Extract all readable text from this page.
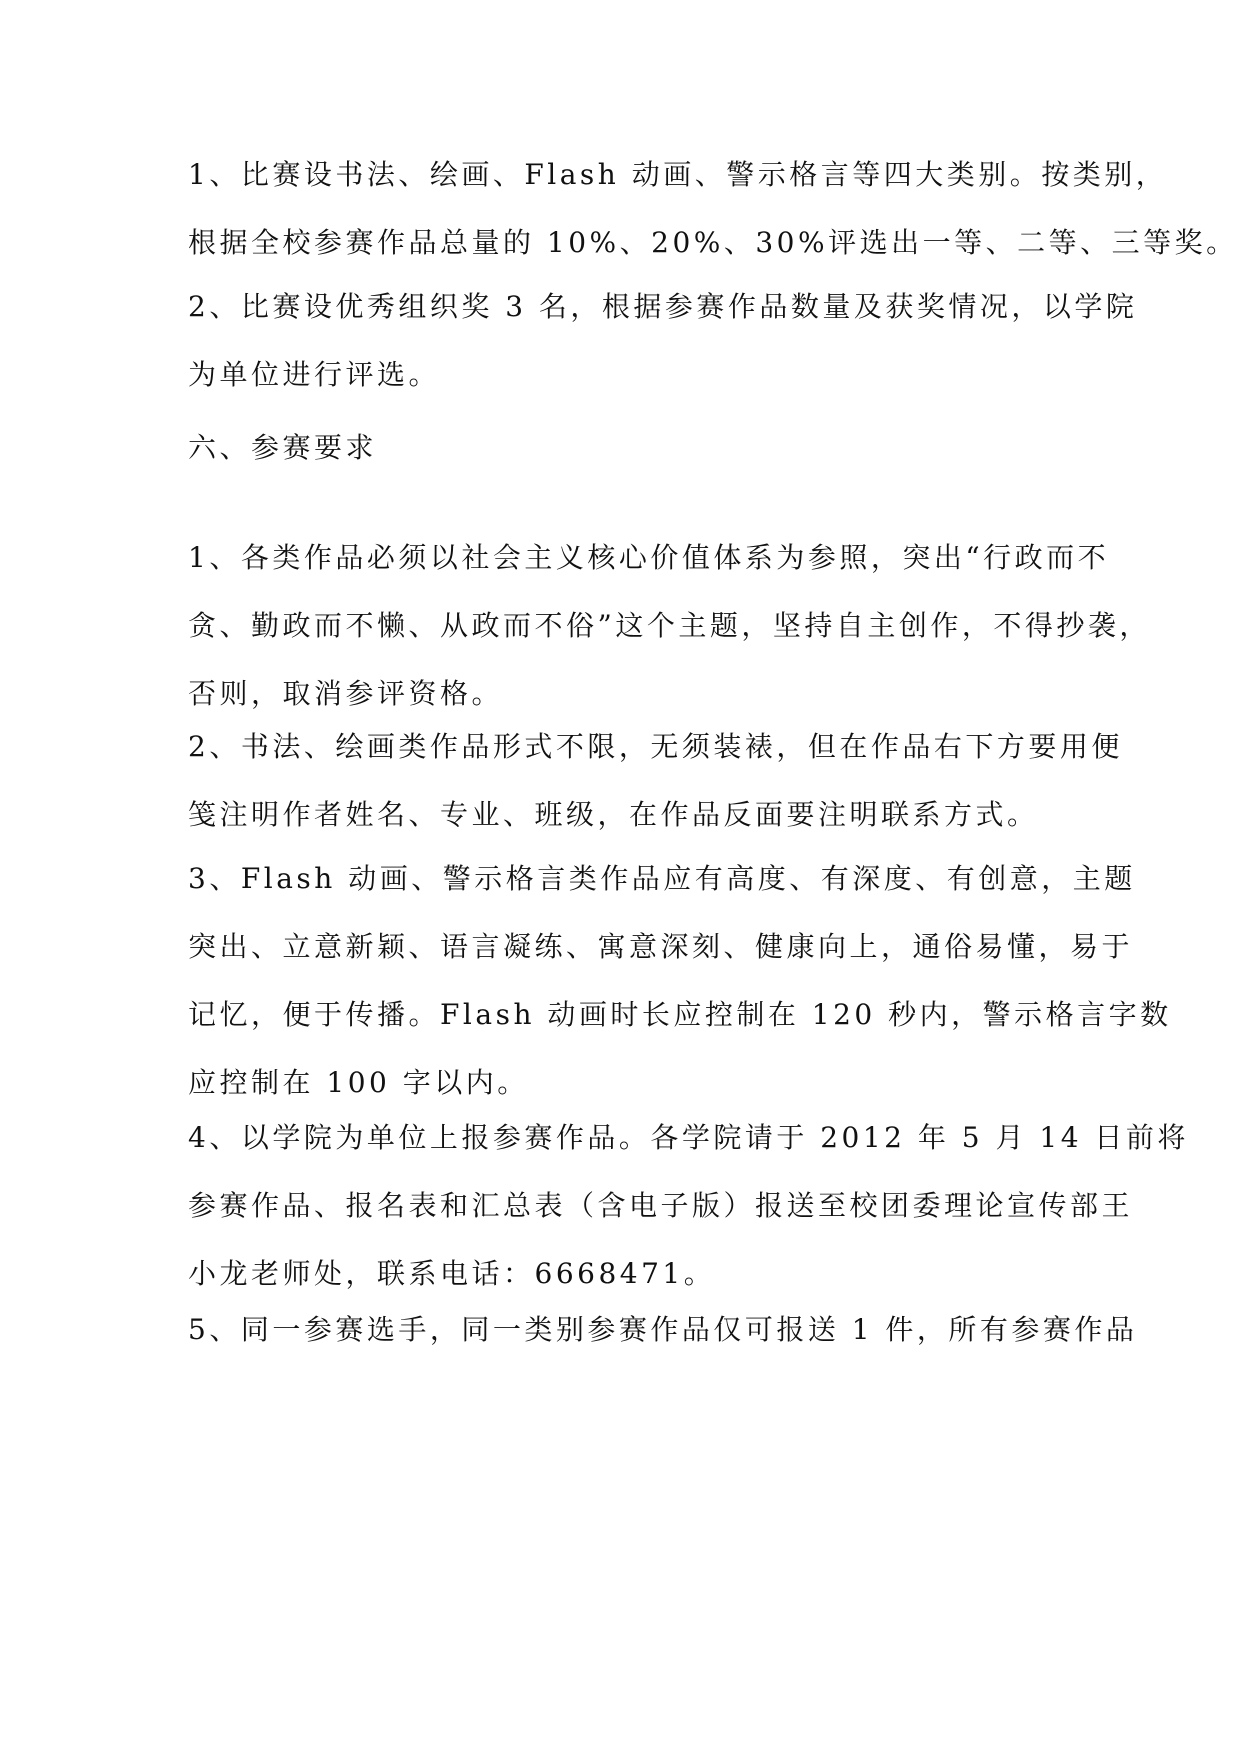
1、比赛设书法、绘画、Flash 动画、警示格言等四大类别。按类别，
根据全校参赛作品总量的 10%、20%、30%评选出一等、二等、三等奖。

2、比赛设优秀组织奖 3 名，根据参赛作品数量及获奖情况，以学院
为单位进行评选。

六、参赛要求

1、各类作品必须以社会主义核心价值体系为参照，突出“行政而不
贪、勤政而不懒、从政而不俗”这个主题，坚持自主创作，不得抄袭，
否则，取消参评资格。

2、书法、绘画类作品形式不限，无须装裱，但在作品右下方要用便
笺注明作者姓名、专业、班级，在作品反面要注明联系方式。

3、Flash 动画、警示格言类作品应有高度、有深度、有创意，主题
突出、立意新颖、语言凝练、寓意深刻、健康向上，通俗易懂，易于
记忆，便于传播。Flash 动画时长应控制在 120 秒内，警示格言字数
应控制在 100 字以内。

4、以学院为单位上报参赛作品。各学院请于 2012 年 5 月 14 日前将
参赛作品、报名表和汇总表（含电子版）报送至校团委理论宣传部王
小龙老师处，联系电话：6668471。

5、同一参赛选手，同一类别参赛作品仅可报送 1 件，所有参赛作品
